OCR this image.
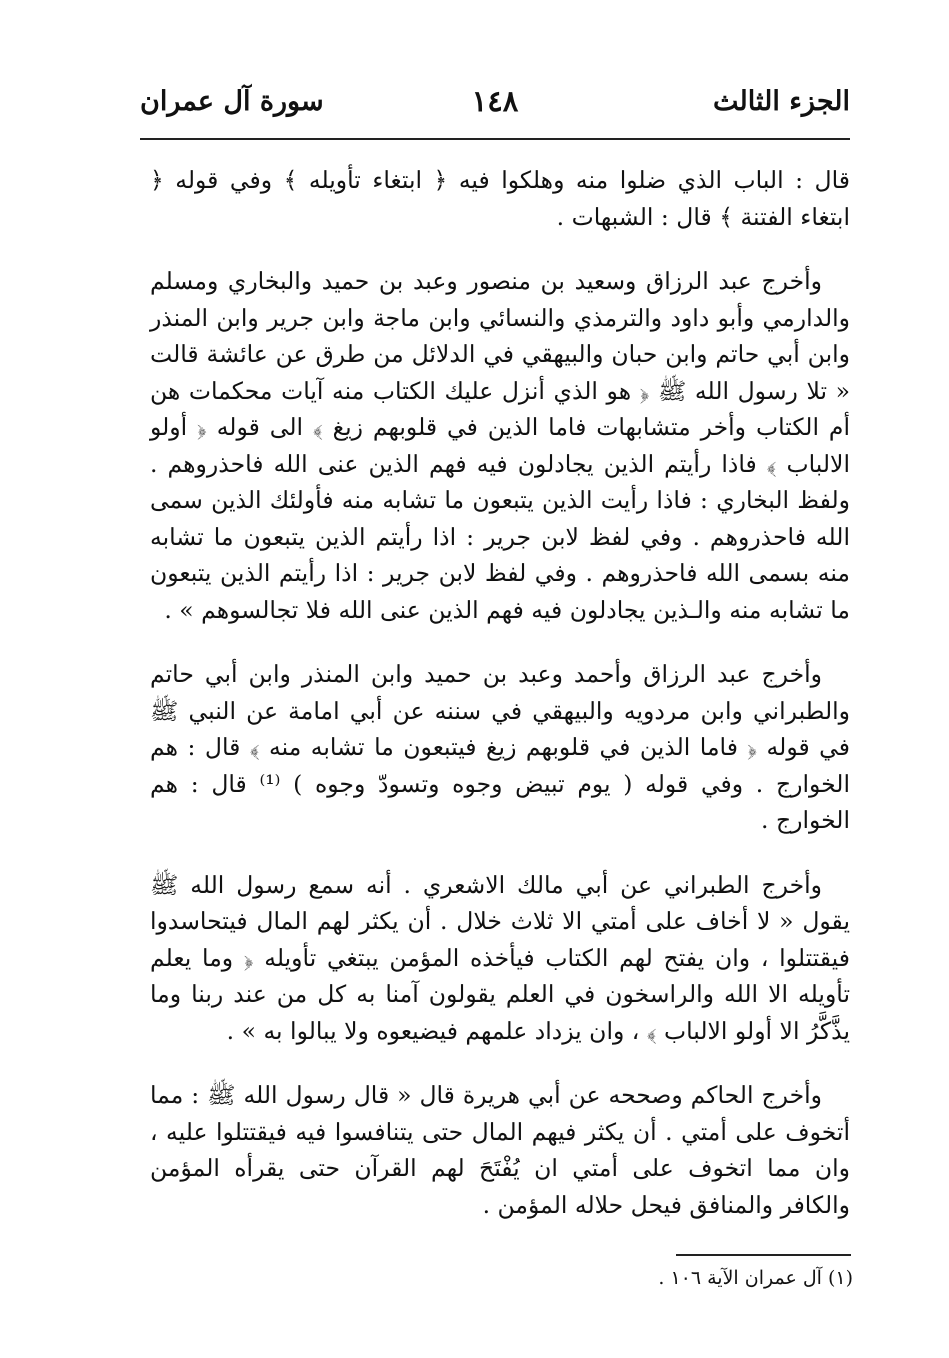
الجزء الثالث
١٤٨
سورة آل عمران

قال : الباب الذي ضلوا منه وهلكوا فيه ﴿ ابتغاء تأويله ﴾ وفي قوله ﴿ ابتغاء الفتنة ﴾ قال : الشبهات .

وأخرج عبد الرزاق وسعيد بن منصور وعبد بن حميد والبخاري ومسلم والدارمي وأبو داود والترمذي والنسائي وابن ماجة وابن جرير وابن المنذر وابن أبي حاتم وابن حبان والبيهقي في الدلائل من طرق عن عائشة قالت « تلا رسول الله ﷺ ﴿ هو الذي أنزل عليك الكتاب منه آيات محكمات هن أم الكتاب وأخر متشابهات فاما الذين في قلوبهم زيغ ﴾ الى قوله ﴿ أولو الالباب ﴾ فاذا رأيتم الذين يجادلون فيه فهم الذين عنى الله فاحذروهم . ولفظ البخاري : فاذا رأيت الذين يتبعون ما تشابه منه فأولئك الذين سمى الله فاحذروهم . وفي لفظ لابن جرير : اذا رأيتم الذين يتبعون ما تشابه منه بسمى الله فاحذروهم . وفي لفظ لابن جرير : اذا رأيتم الذين يتبعون ما تشابه منه والـذين يجادلون فيه فهم الذين عنى الله فلا تجالسوهم » .

وأخرج عبد الرزاق وأحمد وعبد بن حميد وابن المنذر وابن أبي حاتم والطبراني وابن مردويه والبيهقي في سننه عن أبي امامة عن النبي ﷺ في قوله ﴿ فاما الذين في قلوبهم زيغ فيتبعون ما تشابه منه ﴾ قال : هم الخوارج . وفي قوله ( يوم تبيض وجوه وتسودّ وجوه ) ⁽¹⁾ قال : هم الخوارج .

وأخرج الطبراني عن أبي مالك الاشعري . أنه سمع رسول الله ﷺ يقول « لا أخاف على أمتي الا ثلاث خلال . أن يكثر لهم المال فيتحاسدوا فيقتتلوا ، وان يفتح لهم الكتاب فيأخذه المؤمن يبتغي تأويله ﴿ وما يعلم تأويله الا الله والراسخون في العلم يقولون آمنا به كل من عند ربنا وما يذَّكَّرُ الا أولو الالباب ﴾ ، وان يزداد علمهم فيضيعوه ولا يبالوا به » .

وأخرج الحاكم وصححه عن أبي هريرة قال « قال رسول الله ﷺ : مما أتخوف على أمتي . أن يكثر فيهم المال حتى يتنافسوا فيه فيقتتلوا عليه ، وان مما اتخوف على أمتي ان يُفْتَحَ لهم القرآن حتى يقرأه المؤمن والكافر والمنافق فيحل حلاله المؤمن .

(١) آل عمران الآية ١٠٦ .
